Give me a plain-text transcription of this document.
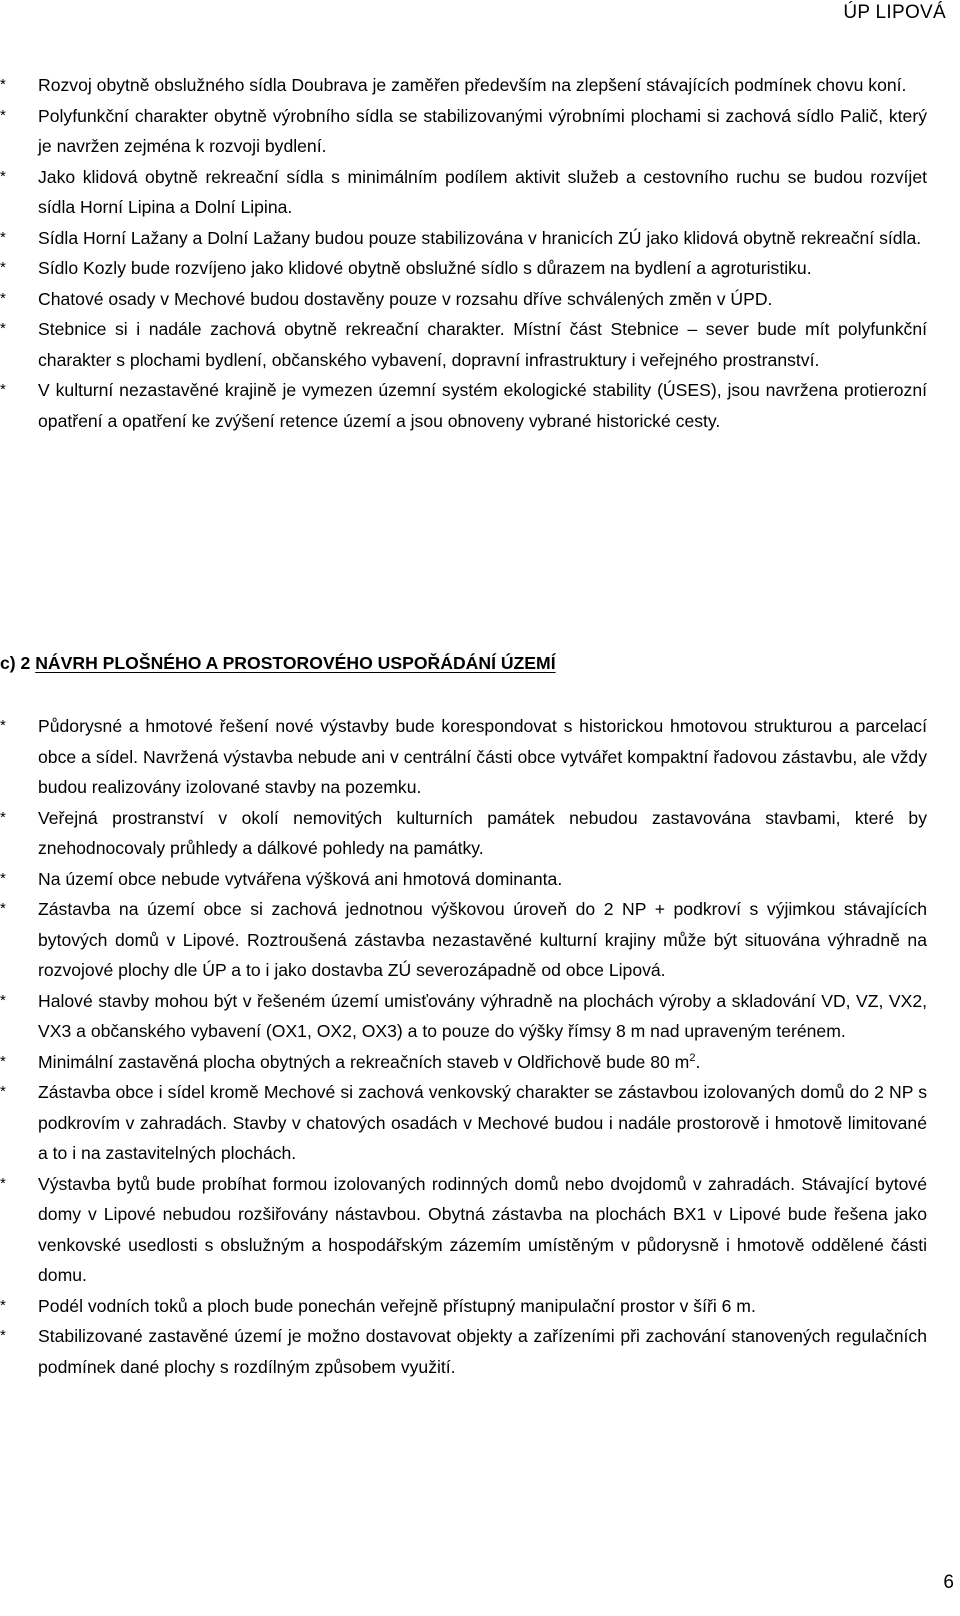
ÚP LIPOVÁ
*	Rozvoj obytně obslužného sídla Doubrava je zaměřen především na zlepšení stávajících podmínek chovu koní.
*	Polyfunkční charakter obytně výrobního sídla se stabilizovanými výrobními plochami si zachová sídlo Palič, který je navržen zejména k rozvoji bydlení.
*	Jako klidová obytně rekreační sídla s minimálním podílem aktivit služeb a cestovního ruchu se budou rozvíjet sídla Horní Lipina a Dolní Lipina.
*	Sídla Horní Lažany a Dolní Lažany budou pouze stabilizována v hranicích ZÚ jako klidová obytně rekreační sídla.
*	Sídlo Kozly bude rozvíjeno jako klidové obytně obslužné sídlo s důrazem na bydlení a agroturistiku.
*	Chatové osady v Mechové budou dostavěny pouze v rozsahu dříve schválených změn v ÚPD.
*	Stebnice si i nadále zachová obytně rekreační charakter. Místní část Stebnice – sever bude mít polyfunkční charakter s plochami bydlení, občanského vybavení, dopravní infrastruktury i veřejného prostranství.
*	V kulturní nezastavěné krajině je vymezen územní systém ekologické stability (ÚSES), jsou navržena protierozní opatření a opatření ke zvýšení retence území a jsou obnoveny vybrané historické cesty.
c) 2 NÁVRH PLOŠNÉHO A PROSTOROVÉHO USPOŘÁDÁNÍ ÚZEMÍ
*	Půdorysné a hmotové řešení nové výstavby bude korespondovat s historickou hmotovou strukturou a parcelací obce a sídel. Navržená výstavba nebude ani v centrální části obce vytvářet kompaktní řadovou zástavbu, ale vždy budou realizovány izolované stavby na pozemku.
*	Veřejná prostranství v okolí nemovitých kulturních památek nebudou zastavována stavbami, které by znehodnocovaly průhledy a dálkové pohledy na památky.
*	Na území obce nebude vytvářena výšková ani hmotová dominanta.
*	Zástavba na území obce si zachová jednotnou výškovou úroveň do 2 NP + podkroví s výjimkou stávajících bytových domů v Lipové. Roztroušená zástavba nezastavěné kulturní krajiny může být situována výhradně na rozvojové plochy dle ÚP a to i jako dostavba ZÚ severozápadně od obce Lipová.
*	Halové stavby mohou být v řešeném území umisťovány výhradně na plochách výroby a skladování VD, VZ, VX2, VX3 a občanského vybavení (OX1, OX2, OX3) a to pouze do výšky římsy 8 m nad upraveným terénem.
*	Minimální zastavěná plocha obytných a rekreačních staveb v Oldřichově bude 80 $m^2$.
*	Zástavba obce i sídel kromě Mechové si zachová venkovský charakter se zástavbou izolovaných domů do 2 NP s podkrovím v zahradách. Stavby v chatových osadách v Mechové budou i nadále prostorově i hmotově limitované a to i na zastavitelných plochách.
*	Výstavba bytů bude probíhat formou izolovaných rodinných domů nebo dvojdomů v zahradách. Stávající bytové domy v Lipové nebudou rozšiřovány nástavbou. Obytná zástavba na plochách BX1 v Lipové bude řešena jako venkovské usedlosti s obslužným a hospodářským zázemím umístěným v půdorysně i hmotově oddělené části domu.
*	Podél vodních toků a ploch bude ponechán veřejně přístupný manipulační prostor v šíři 6 m.
*	Stabilizované zastavěné území je možno dostavovat objekty a zařízeními při zachování stanovených regulačních podmínek dané plochy s rozdílným způsobem využití.
6
